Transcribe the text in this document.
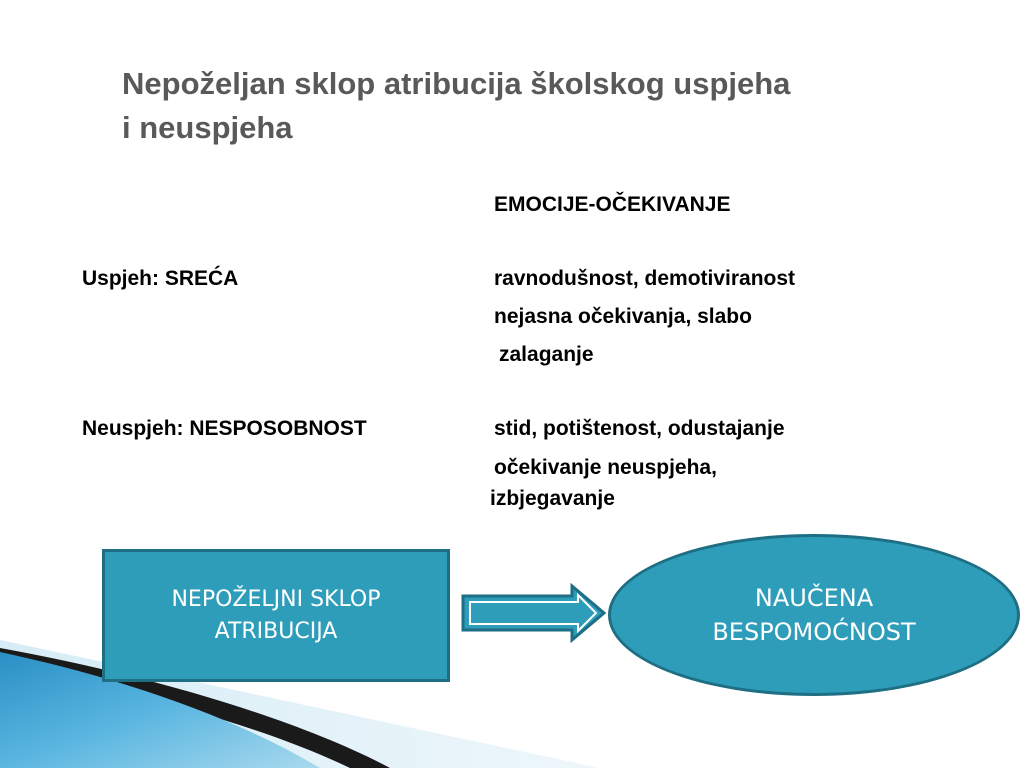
Nepoželjan sklop atribucija školskog uspjeha
i neuspjeha
EMOCIJE-OČEKIVANJE
Uspjeh: SREĆA	ravnodušnost, demotiviranost
nejasna očekivanja, slabo
zalaganje
Neuspjeh: NESPOSOBNOST	stid, potištenost, odustajanje
očekivanje neuspjeha,
izbjegavanje
NEPOŽELJNI SKLOP
ATRIBUCIJA
NAUČENA
BESPOMOĆNOST
